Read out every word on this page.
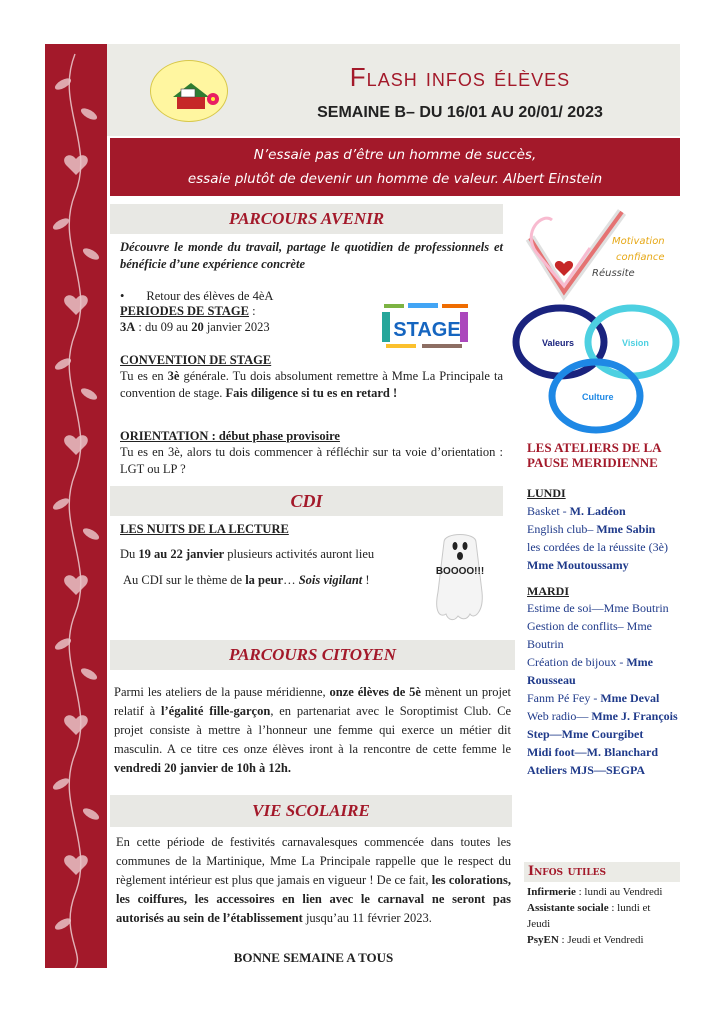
Flash infos élèves
SEMAINE B– DU 16/01 AU 20/01/ 2023
N’essaie pas d’être un homme de succès,
essaie plutôt de devenir un homme de valeur. Albert Einstein
PARCOURS AVENIR
Découvre le monde du travail, partage le quotidien de professionnels et bénéficie d’une expérience concrète
• Retour des élèves de 4èA
PERIODES DE STAGE :
3A : du 09 au 20 janvier 2023	STAGE
CONVENTION DE STAGE
Tu es en 3è générale. Tu dois absolument remettre à Mme La Principale ta convention de stage. Fais diligence si tu es en retard !
ORIENTATION : début phase provisoire
Tu es en 3è, alors tu dois commencer à réfléchir sur ta voie d’orientation : LGT ou LP ?
CDI
LES NUITS DE LA LECTURE
Du 19 au 22 janvier plusieurs activités auront lieu
Au CDI sur le thème de la peur… Sois vigilant !
BOOOO!!!
PARCOURS CITOYEN
Parmi les ateliers de la pause méridienne, onze élèves de 5è mènent un projet relatif à l’égalité fille-garçon, en partenariat avec le Soroptimist Club. Ce projet consiste à mettre à l’honneur une femme qui exerce un métier dit masculin. A ce titre ces onze élèves iront à la rencontre de cette femme le vendredi 20 janvier de 10h à 12h.
VIE SCOLAIRE
En cette période de festivités carnavalesques commencée dans toutes les communes de la Martinique, Mme La Principale rappelle que le respect du règlement intérieur est plus que jamais en vigueur ! De ce fait, les colorations, les coiffures, les accessoires en lien avec le carnaval ne seront pas autorisés au sein de l’établissement jusqu’au 11 février 2023.
BONNE SEMAINE A TOUS
Motivation
confiance
Réussite
Valeurs	Vision
Culture
LES ATELIERS DE LA PAUSE MERIDIENNE
LUNDI
Basket - M. Ladéon
English club– Mme Sabin
les cordées de la réussite (3è)
Mme Moutoussamy
MARDI
Estime de soi—Mme Boutrin
Gestion de conflits– Mme
Boutrin
Création de bijoux - Mme
Rousseau
Fanm Pé Fey - Mme Deval
Web radio— Mme J. François
Step—Mme Courgibet
Midi foot—M. Blanchard
Ateliers MJS—SEGPA
Infos utiles
Infirmerie : lundi au Vendredi
Assistante sociale : lundi et
Jeudi
PsyEN : Jeudi et Vendredi
